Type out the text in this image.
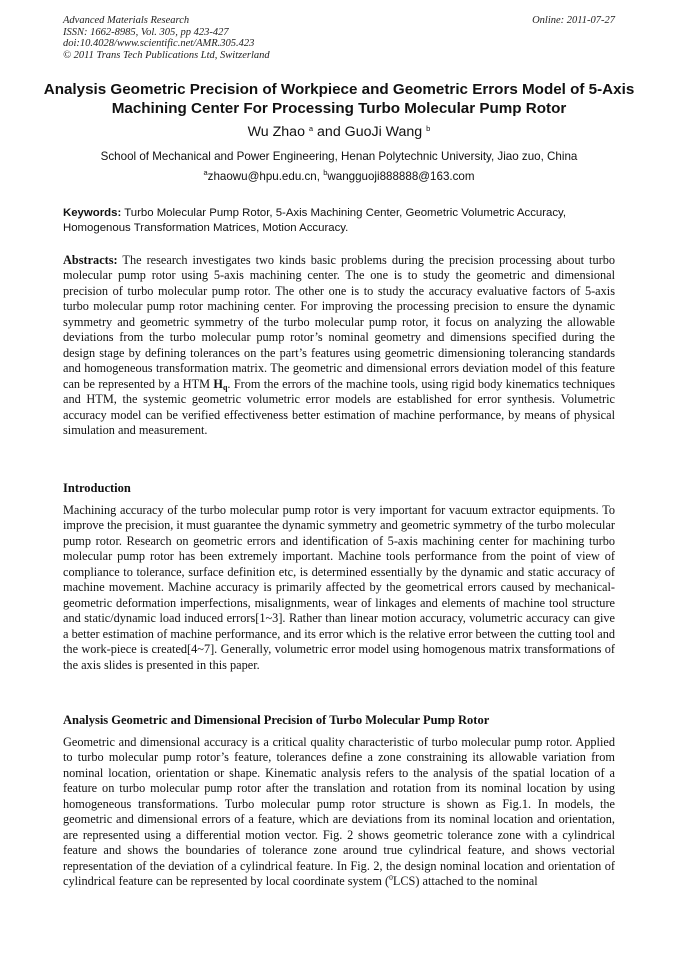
Advanced Materials Research
ISSN: 1662-8985, Vol. 305, pp 423-427
doi:10.4028/www.scientific.net/AMR.305.423
© 2011 Trans Tech Publications Ltd, Switzerland
Online: 2011-07-27
Analysis Geometric Precision of Workpiece and Geometric Errors Model of 5-Axis Machining Center For Processing Turbo Molecular Pump Rotor
Wu Zhao $^a$ and GuoJi Wang $^b$
School of Mechanical and Power Engineering, Henan Polytechnic University, Jiao zuo, China
$^a$zhaowu@hpu.edu.cn, $^b$wangguoji888888@163.com
Keywords: Turbo Molecular Pump Rotor, 5-Axis Machining Center, Geometric Volumetric Accuracy, Homogenous Transformation Matrices, Motion Accuracy.
Abstracts: The research investigates two kinds basic problems during the precision processing about turbo molecular pump rotor using 5-axis machining center. The one is to study the geometric and dimensional precision of turbo molecular pump rotor. The other one is to study the accuracy evaluative factors of 5-axis turbo molecular pump rotor machining center. For improving the processing precision to ensure the dynamic symmetry and geometric symmetry of the turbo molecular pump rotor, it focus on analyzing the allowable deviations from the turbo molecular pump rotor’s nominal geometry and dimensions specified during the design stage by defining tolerances on the part’s features using geometric dimensioning tolerancing standards and homogeneous transformation matrix. The geometric and dimensional errors deviation model of this feature can be represented by a HTM $H_q$. From the errors of the machine tools, using rigid body kinematics techniques and HTM, the systemic geometric volumetric error models are established for error synthesis. Volumetric accuracy model can be verified effectiveness better estimation of machine performance, by means of physical simulation and measurement.
Introduction
Machining accuracy of the turbo molecular pump rotor is very important for vacuum extractor equipments. To improve the precision, it must guarantee the dynamic symmetry and geometric symmetry of the turbo molecular pump rotor. Research on geometric errors and identification of 5-axis machining center for machining turbo molecular pump rotor has been extremely important. Machine tools performance from the point of view of compliance to tolerance, surface definition etc, is determined essentially by the dynamic and static accuracy of machine movement. Machine accuracy is primarily affected by the geometrical errors caused by mechanical-geometric deformation imperfections, misalignments, wear of linkages and elements of machine tool structure and static/dynamic load induced errors[1~3]. Rather than linear motion accuracy, volumetric accuracy can give a better estimation of machine performance, and its error which is the relative error between the cutting tool and the work-piece is created[4~7]. Generally, volumetric error model using homogenous matrix transformations of the axis slides is presented in this paper.
Analysis Geometric and Dimensional Precision of Turbo Molecular Pump Rotor
Geometric and dimensional accuracy is a critical quality characteristic of turbo molecular pump rotor. Applied to turbo molecular pump rotor’s feature, tolerances define a zone constraining its allowable variation from nominal location, orientation or shape. Kinematic analysis refers to the analysis of the spatial location of a feature on turbo molecular pump rotor after the translation and rotation from its nominal location by using homogeneous transformations. Turbo molecular pump rotor structure is shown as Fig.1. In models, the geometric and dimensional errors of a feature, which are deviations from its nominal location and orientation, are represented using a differential motion vector. Fig. 2 shows geometric tolerance zone with a cylindrical feature and shows the boundaries of tolerance zone around true cylindrical feature, and shows vectorial representation of the deviation of a cylindrical feature. In Fig. 2, the design nominal location and orientation of cylindrical feature can be represented by local coordinate system ($^0$LCS) attached to the nominal
